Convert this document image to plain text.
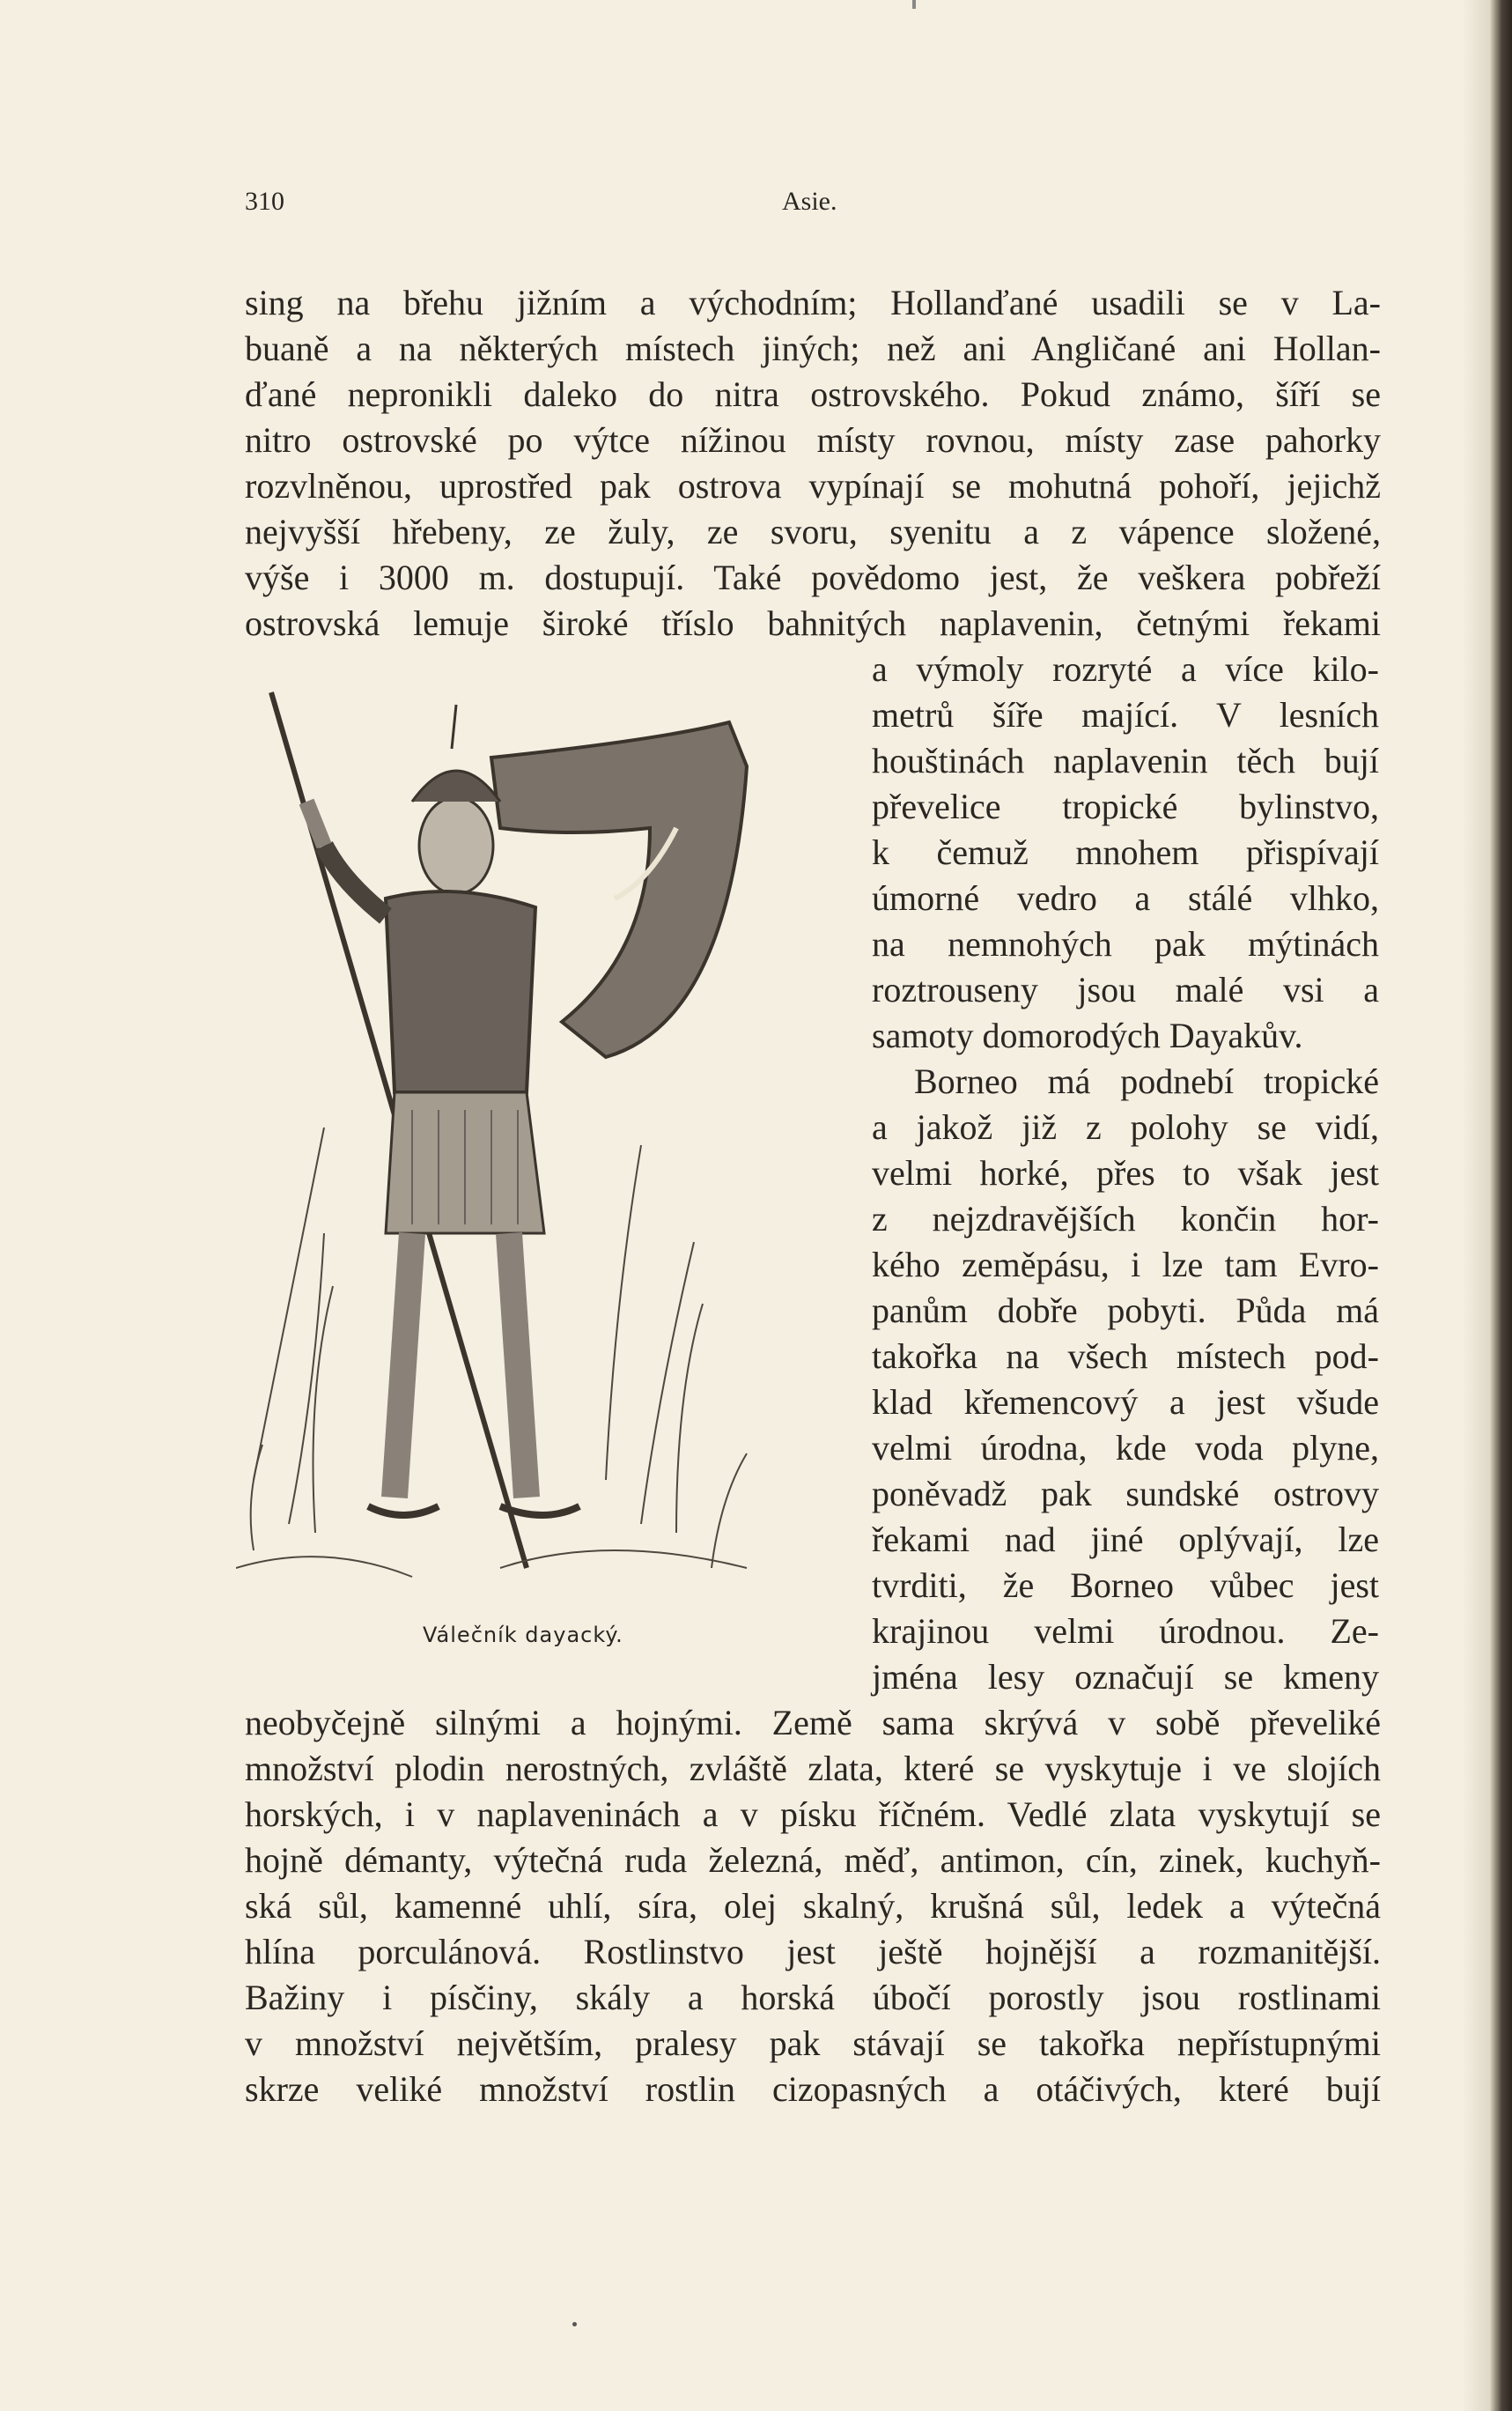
310	Asie.
sing na břehu jižním a východním; Hollanďané usadili se v La-
buaně a na některých místech jiných; než ani Angličané ani Hollan-
ďané nepronikli daleko do nitra ostrovského. Pokud známo, šíří se
nitro ostrovské po výtce nížinou místy rovnou, místy zase pahorky
rozvlněnou, uprostřed pak ostrova vypínají se mohutná pohoří, jejichž
nejvyšší hřebeny, ze žuly, ze svoru, syenitu a z vápence složené,
výše i 3000 m. dostupují. Také povědomo jest, že veškera pobřeží
ostrovská lemuje široké třísl​o bahnitých naplavenin, četnými řekami
a výmoly rozryté a více kilo-
metrů šíře mající. V lesních
houštinách naplavenin těch bují
převelice tropické bylinstvo,
k čemuž mnohem přispívají
úmorné vedro a stálé vlhko,
na nemnohých pak mýtinách
roztrouseny jsou malé vsi a
samoty domorodých Dayakův.
Borneo má podnebí tropické
a jakož již z polohy se vidí,
velmi horké, přes to však jest
z nejzdravějších končin hor-
kého zeměpásu, i lze tam Evro-
panům dobře pobyti. Půda má
takořka na všech místech pod-
klad křemencový a jest všude
velmi úrodna, kde voda plyne,
poněvadž pak sundské ostrovy
řekami nad jiné oplývají, lze
tvrditi, že Borneo vůbec jest
krajinou velmi úrodnou. Ze-
jména lesy označují se kmeny
Válečník dayacký.
neobyčejně silnými a hojnými. Země sama skrývá v sobě převeliké
množství plodin nerostných, zvláště zlata, které se vyskytuje i ve slojích
horských, i v naplaveninách a v písku říčném. Vedlé zlata vyskytují se
hojně démanty, výtečná ruda železná, měď, antimon, cín, zinek, kuchyň-
ská sůl, kamenné uhlí, síra, olej skalný, krušná sůl, ledek a výtečná
hlína porculánová. Rostlinstvo jest ještě hojnější a rozmanitější.
Bažiny i písčiny, skály a horská úbočí porostly jsou rostlinami
v množství největším, pralesy pak stávají se takořka nepřístupnými
skrze veliké množství rostlin cizopasných a otáčivých, které bují
